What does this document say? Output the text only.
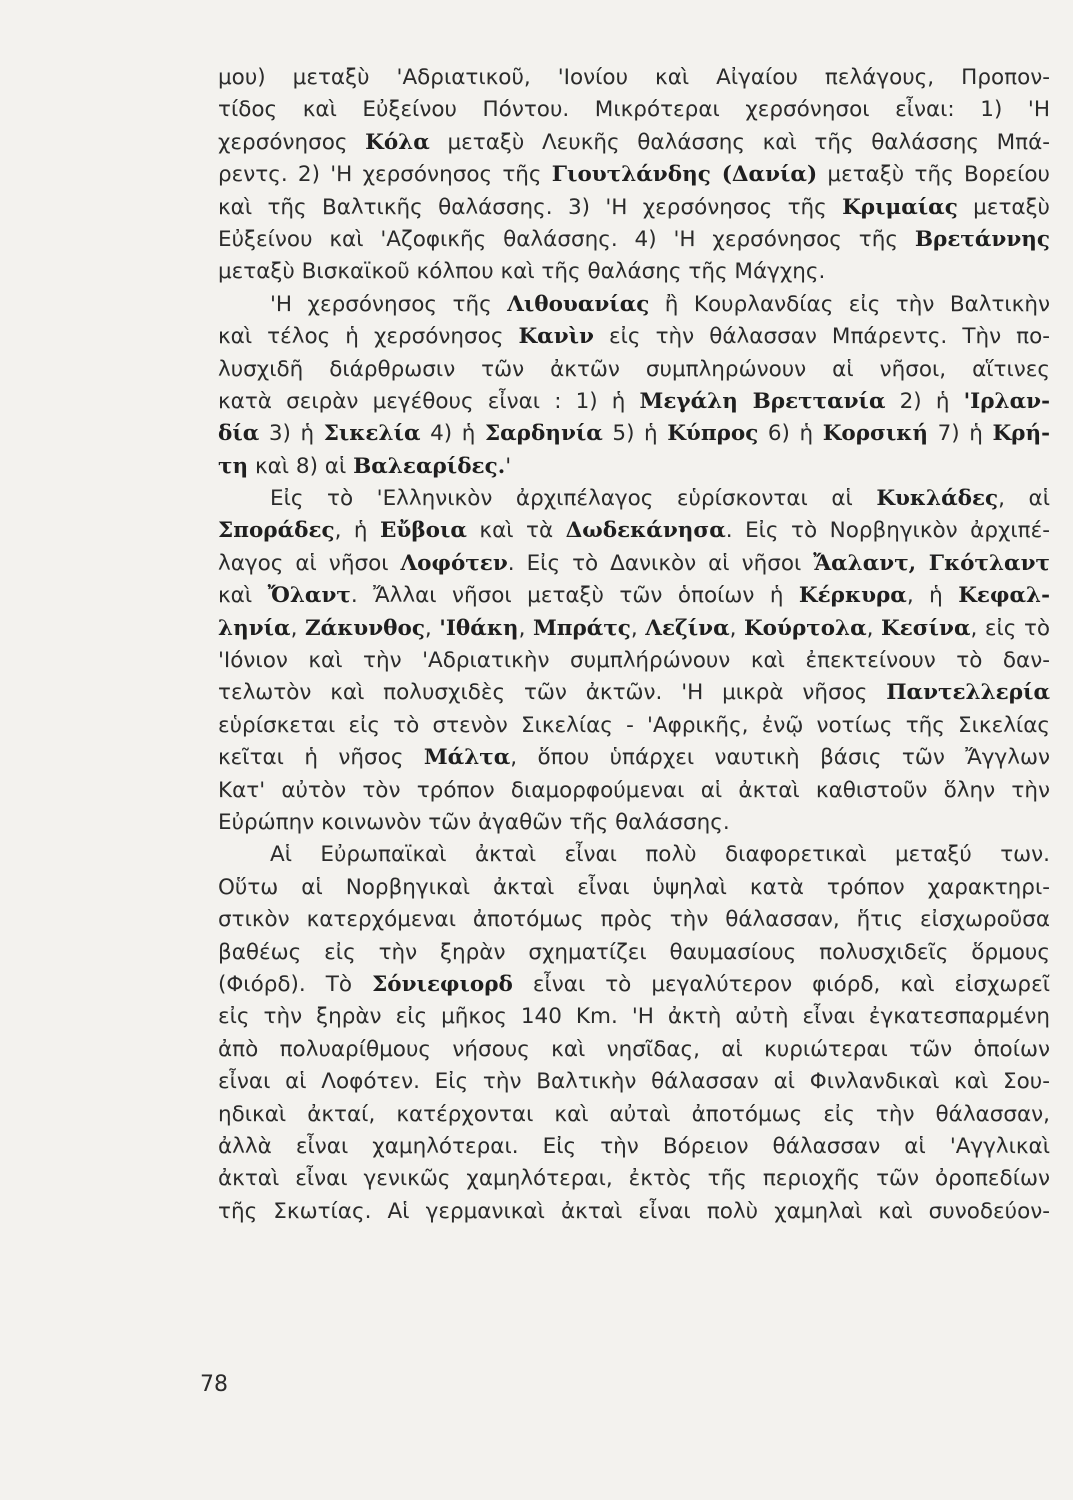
μου) μεταξὺ 'Αδριατικοῦ, 'Ιονίου καὶ Αἰγαίου πελάγους, Προπον-
τίδος καὶ Εὐξείνου Πόντου. Μικρότεραι χερσόνησοι εἶναι: 1) 'Η
χερσόνησος Κόλα μεταξὺ Λευκῆς θαλάσσης καὶ τῆς θαλάσσης Μπά-
ρεντς. 2) 'Η χερσόνησος τῆς Γιουτλάνδης (Δανία) μεταξὺ τῆς Βορείου
καὶ τῆς Βαλτικῆς θαλάσσης. 3) 'Η χερσόνησος τῆς Κριμαίας μεταξὺ
Εὐξείνου καὶ 'Αζοφικῆς θαλάσσης. 4) 'Η χερσόνησος τῆς Βρετάννης
μεταξὺ Βισκαϊκοῦ κόλπου καὶ τῆς θαλάσης τῆς Μάγχης.
'Η χερσόνησος τῆς Λιθουανίας ἢ Κουρλανδίας εἰς τὴν Βαλτικὴν
καὶ τέλος ἡ χερσόνησος Κανὶν εἰς τὴν θάλασσαν Μπάρεντς. Τὴν πο-
λυσχιδῆ διάρθρωσιν τῶν ἀκτῶν συμπληρώνουν αἱ νῆσοι, αἵτινες
κατὰ σειρὰν μεγέθους εἶναι : 1) ἡ Μεγάλη Βρεττανία 2) ἡ 'Ιρλαν-
δία 3) ἡ Σικελία 4) ἡ Σαρδηνία 5) ἡ Κύπρος 6) ἡ Κορσική 7) ἡ Κρή-
τη καὶ 8) αἱ Βαλεαρίδες.'
Εἰς τὸ 'Ελληνικὸν ἀρχιπέλαγος εὑρίσκονται αἱ Κυκλάδες, αἱ
Σποράδες, ἡ Εὔβοια καὶ τὰ Δωδεκάνησα. Εἰς τὸ Νορβηγικὸν ἀρχιπέ-
λαγος αἱ νῆσοι Λοφότεν. Εἰς τὸ Δανικὸν αἱ νῆσοι Ἄαλαντ, Γκότλαντ
καὶ Ὄλαντ. Ἄλλαι νῆσοι μεταξὺ τῶν ὁποίων ἡ Κέρκυρα, ἡ Κεφαλ-
ληνία, Ζάκυνθος, 'Ιθάκη, Μπράτς, Λεζίνα, Κούρτολα, Κεσίνα, εἰς τὸ
'Ιόνιον καὶ τὴν 'Αδριατικὴν συμπλήρώνουν καὶ ἐπεκτείνουν τὸ δαν-
τελωτὸν καὶ πολυσχιδὲς τῶν ἀκτῶν. 'Η μικρὰ νῆσος Παντελλερία
εὑρίσκεται εἰς τὸ στενὸν Σικελίας - 'Αφρικῆς, ἐνῷ νοτίως τῆς Σικελίας
κεῖται ἡ νῆσος Μάλτα, ὅπου ὑπάρχει ναυτικὴ βάσις τῶν Ἄγγλων
Κατ' αὐτὸν τὸν τρόπον διαμορφούμεναι αἱ ἀκταὶ καθιστοῦν ὅλην τὴν
Εὐρώπην κοινωνὸν τῶν ἀγαθῶν τῆς θαλάσσης.
Αἱ Εὐρωπαϊκαὶ ἀκταὶ εἶναι πολὺ διαφορετικαὶ μεταξύ των.
Οὕτω αἱ Νορβηγικαὶ ἀκταὶ εἶναι ὑψηλαὶ κατὰ τρόπον χαρακτηρι-
στικὸν κατερχόμεναι ἀποτόμως πρὸς τὴν θάλασσαν, ἥτις εἰσχωροῦσα
βαθέως εἰς τὴν ξηρὰν σχηματίζει θαυμασίους πολυσχιδεῖς ὅρμους
(Φιόρδ). Τὸ Σόνιεφιορδ εἶναι τὸ μεγαλύτερον φιόρδ, καὶ εἰσχωρεῖ
εἰς τὴν ξηρὰν εἰς μῆκος 140 Km. 'Η ἀκτὴ αὐτὴ εἶναι ἐγκατεσπαρμένη
ἀπὸ πολυαρίθμους νήσους καὶ νησῖδας, αἱ κυριώτεραι τῶν ὁποίων
εἶναι αἱ Λοφότεν. Εἰς τὴν Βαλτικὴν θάλασσαν αἱ Φινλανδικαὶ καὶ Σου-
ηδικαὶ ἀκταί, κατέρχονται καὶ αὐταὶ ἀποτόμως εἰς τὴν θάλασσαν,
ἀλλὰ εἶναι χαμηλότεραι. Εἰς τὴν Βόρειον θάλασσαν αἱ 'Αγγλικαὶ
ἀκταὶ εἶναι γενικῶς χαμηλότεραι, ἐκτὸς τῆς περιοχῆς τῶν ὀροπεδίων
τῆς Σκωτίας. Αἱ γερμανικαὶ ἀκταὶ εἶναι πολὺ χαμηλαὶ καὶ συνοδεύον-
78
